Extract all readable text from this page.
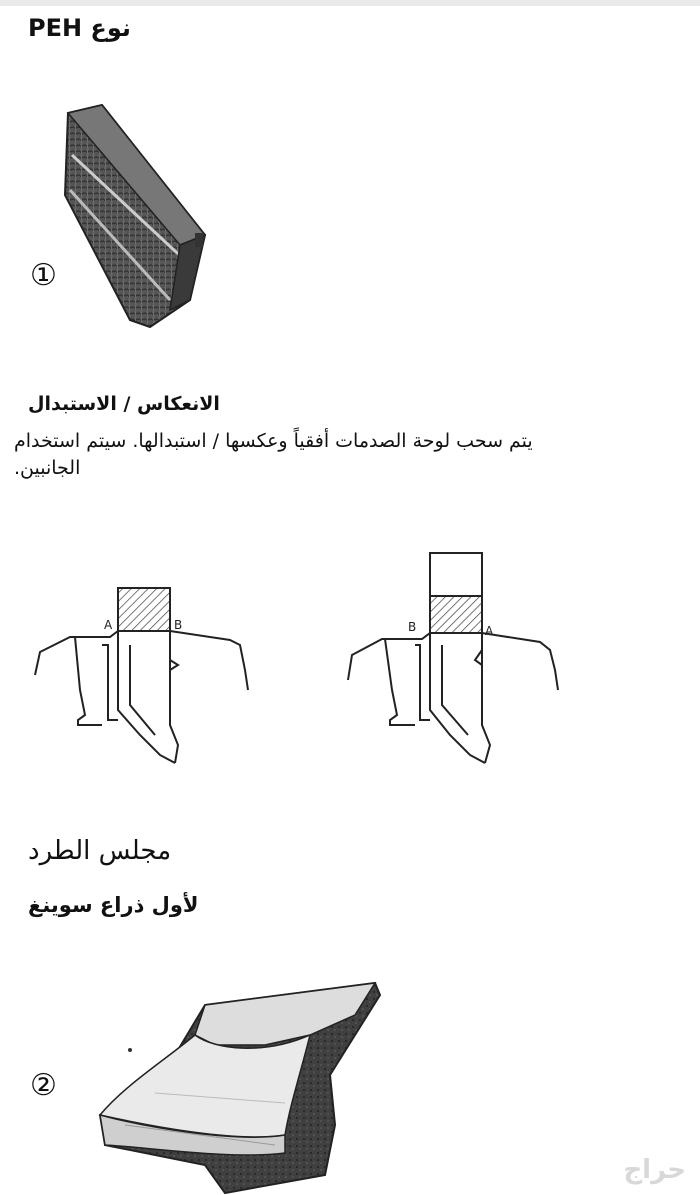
نوع PEH
①
الانعكاس / الاستبدال
يتم سحب لوحة الصدمات أفقياً وعكسها / استبدالها. سيتم استخدام
الجانبين.
A	B	B	A
مجلس الطرد
لأول ذراع سوينغ
②
حراج
